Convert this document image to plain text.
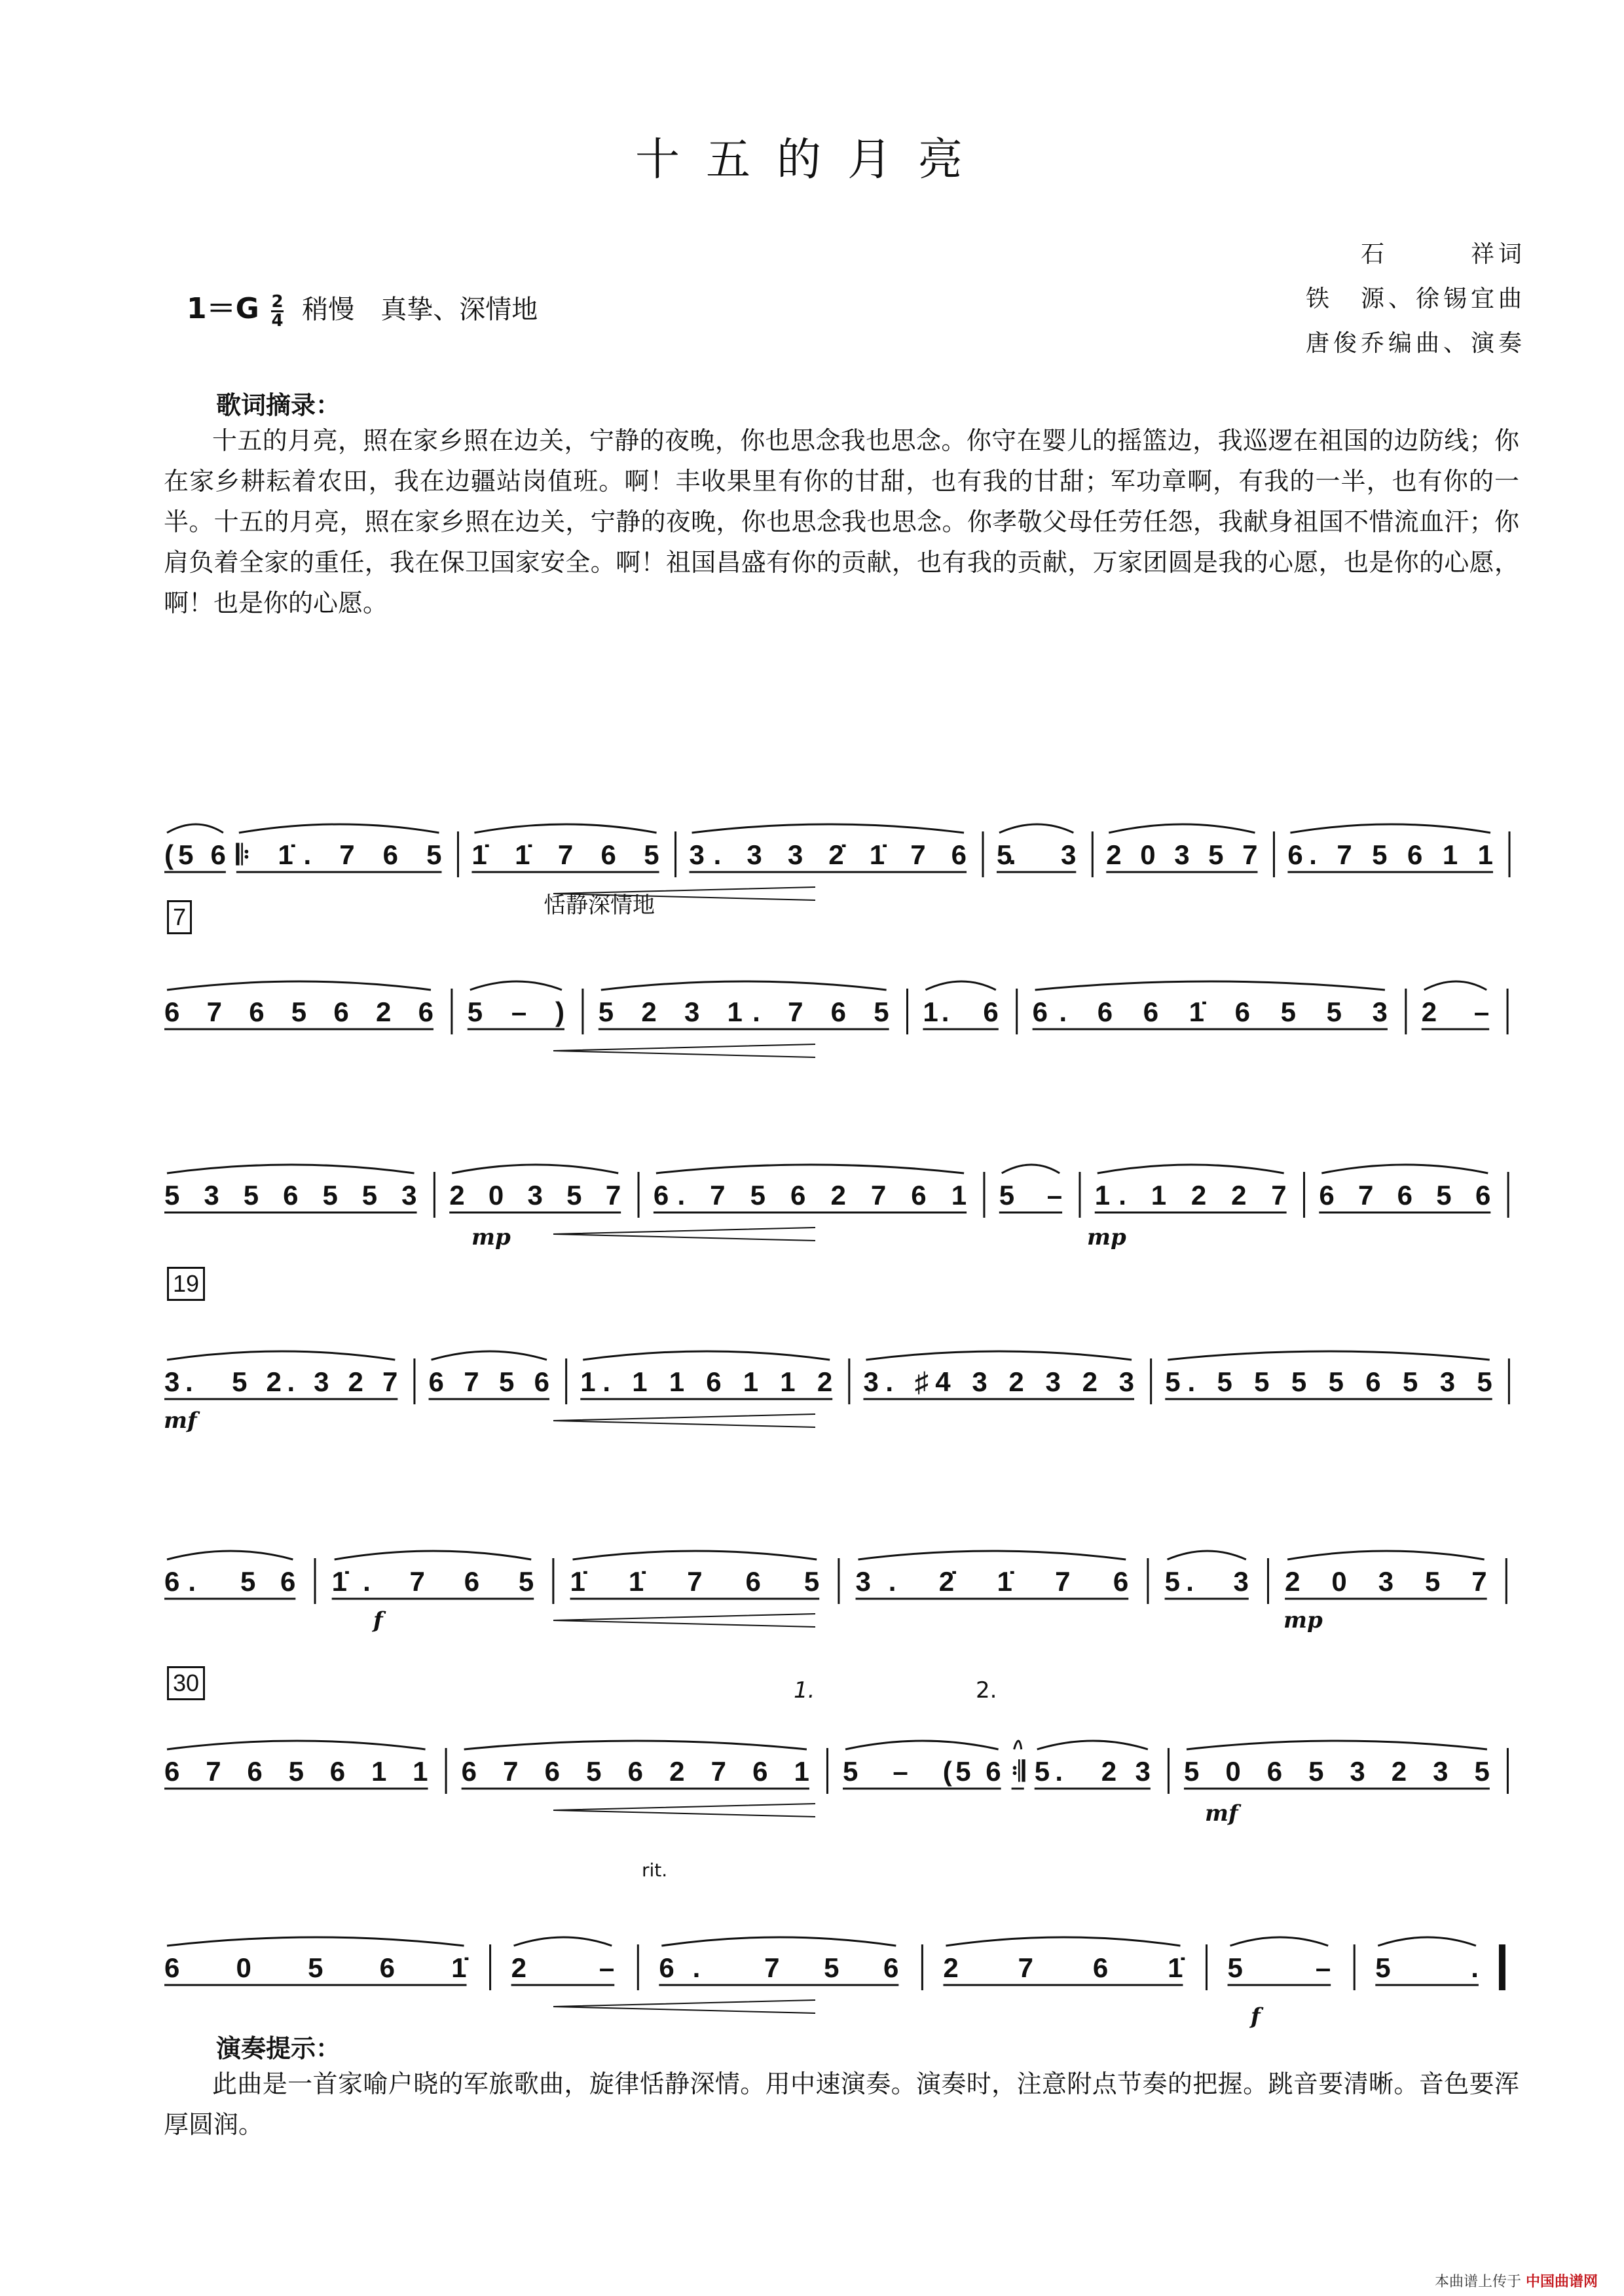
十五的月亮
石　　　祥词
铁　源、徐锡宜曲
唐俊乔编曲、演奏
$1=G \frac{2}{4}$ 稍慢　真挚、深情地
歌词摘录：
十五的月亮，照在家乡照在边关，宁静的夜晚，你也思念我也思念。你守在婴儿的摇篮边，我巡逻在祖国的边防线；你在家乡耕耘着农田，我在边疆站岗值班。啊！丰收果里有你的甘甜，也有我的甘甜；军功章啊，有我的一半，也有你的一半。十五的月亮，照在家乡照在边关，宁静的夜晚，你也思念我也思念。你孝敬父母任劳任怨，我献身祖国不惜流血汗；你肩负着全家的重任，我在保卫国家安全。啊！祖国昌盛有你的贡献，也有我的贡献，万家团圆是我的心愿，也是你的心愿，啊！也是你的心愿。
7
19
30
恬静深情地
1.	2.
rit.
(5 6 𝄆 1̇. 7 6 5 1̇ 1̇ 7 6 5 3. 3 3 2̇ 1̇ 7 6 5.　　3 2 0 3 5 7 6. 7 5 6 1 1
6 7 6 5 6 2 6 5　–　) 5 2 3 1. 7 6 5 1.　6 6. 6 6 1̇ 6 5 5 3 2　–
5 3 5 6 5 5 3 2 0 3 5 7 6. 7 5 6 2 7 6 1 5　– 1. 1 2 2 7 6 7 6 5 6
3.　5 2. 3 2 7 6 7 5 6 1. 1 1 6 1 1 2 3. ♯4 3 2 3 2 3 5. 5 5 5 5 6 5 3 5
6.　5 6 1̇. 7 6 5 1̇ 1̇ 7 6 5 3. 2̇ 1̇ 7 6 5.　3 2 0 3 5 7
6 7 6 5 6 1 1 6 7 6 5 6 2 7 6 1 5　–　(5 6 𝄇 5.　2 3 5 0 6 5 3 2 3 5
6 0 5 6 1̇ 2　– 6.　7 5 6 2 7 6 1̇ 5　– 5.
演奏提示：
此曲是一首家喻户晓的军旅歌曲，旋律恬静深情。用中速演奏。演奏时，注意附点节奏的把握。跳音要清晰。音色要浑厚圆润。
本曲谱上传于 中国曲谱网
mp	mp
mf
f	mp
mf
f
